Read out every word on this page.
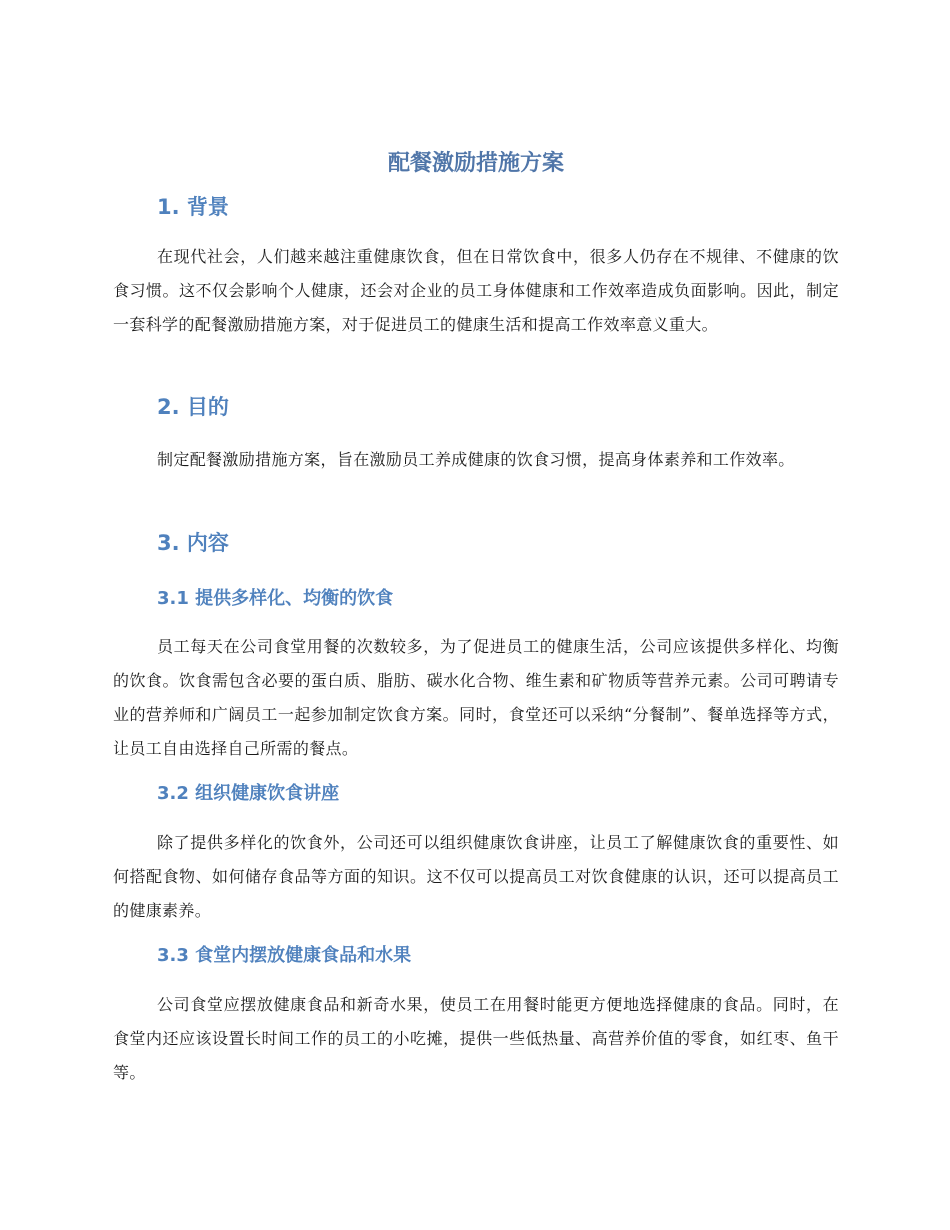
配餐激励措施方案
1. 背景

在现代社会，人们越来越注重健康饮食，但在日常饮食中，很多人仍存在不规律、不健康的饮食习惯。这不仅会影响个人健康，还会对企业的员工身体健康和工作效率造成负面影响。因此，制定一套科学的配餐激励措施方案，对于促进员工的健康生活和提高工作效率意义重大。

2. 目的

制定配餐激励措施方案，旨在激励员工养成健康的饮食习惯，提高身体素养和工作效率。

3. 内容
3.1 提供多样化、均衡的饮食

员工每天在公司食堂用餐的次数较多，为了促进员工的健康生活，公司应该提供多样化、均衡的饮食。饮食需包含必要的蛋白质、脂肪、碳水化合物、维生素和矿物质等营养元素。公司可聘请专业的营养师和广阔员工一起参加制定饮食方案。同时，食堂还可以采纳“分餐制”、餐单选择等方式，让员工自由选择自己所需的餐点。

3.2 组织健康饮食讲座

除了提供多样化的饮食外，公司还可以组织健康饮食讲座，让员工了解健康饮食的重要性、如何搭配食物、如何储存食品等方面的知识。这不仅可以提高员工对饮食健康的认识，还可以提高员工的健康素养。

3.3 食堂内摆放健康食品和水果

公司食堂应摆放健康食品和新奇水果，使员工在用餐时能更方便地选择健康的食品。同时，在食堂内还应该设置长时间工作的员工的小吃摊，提供一些低热量、高营养价值的零食，如红枣、鱼干等。
